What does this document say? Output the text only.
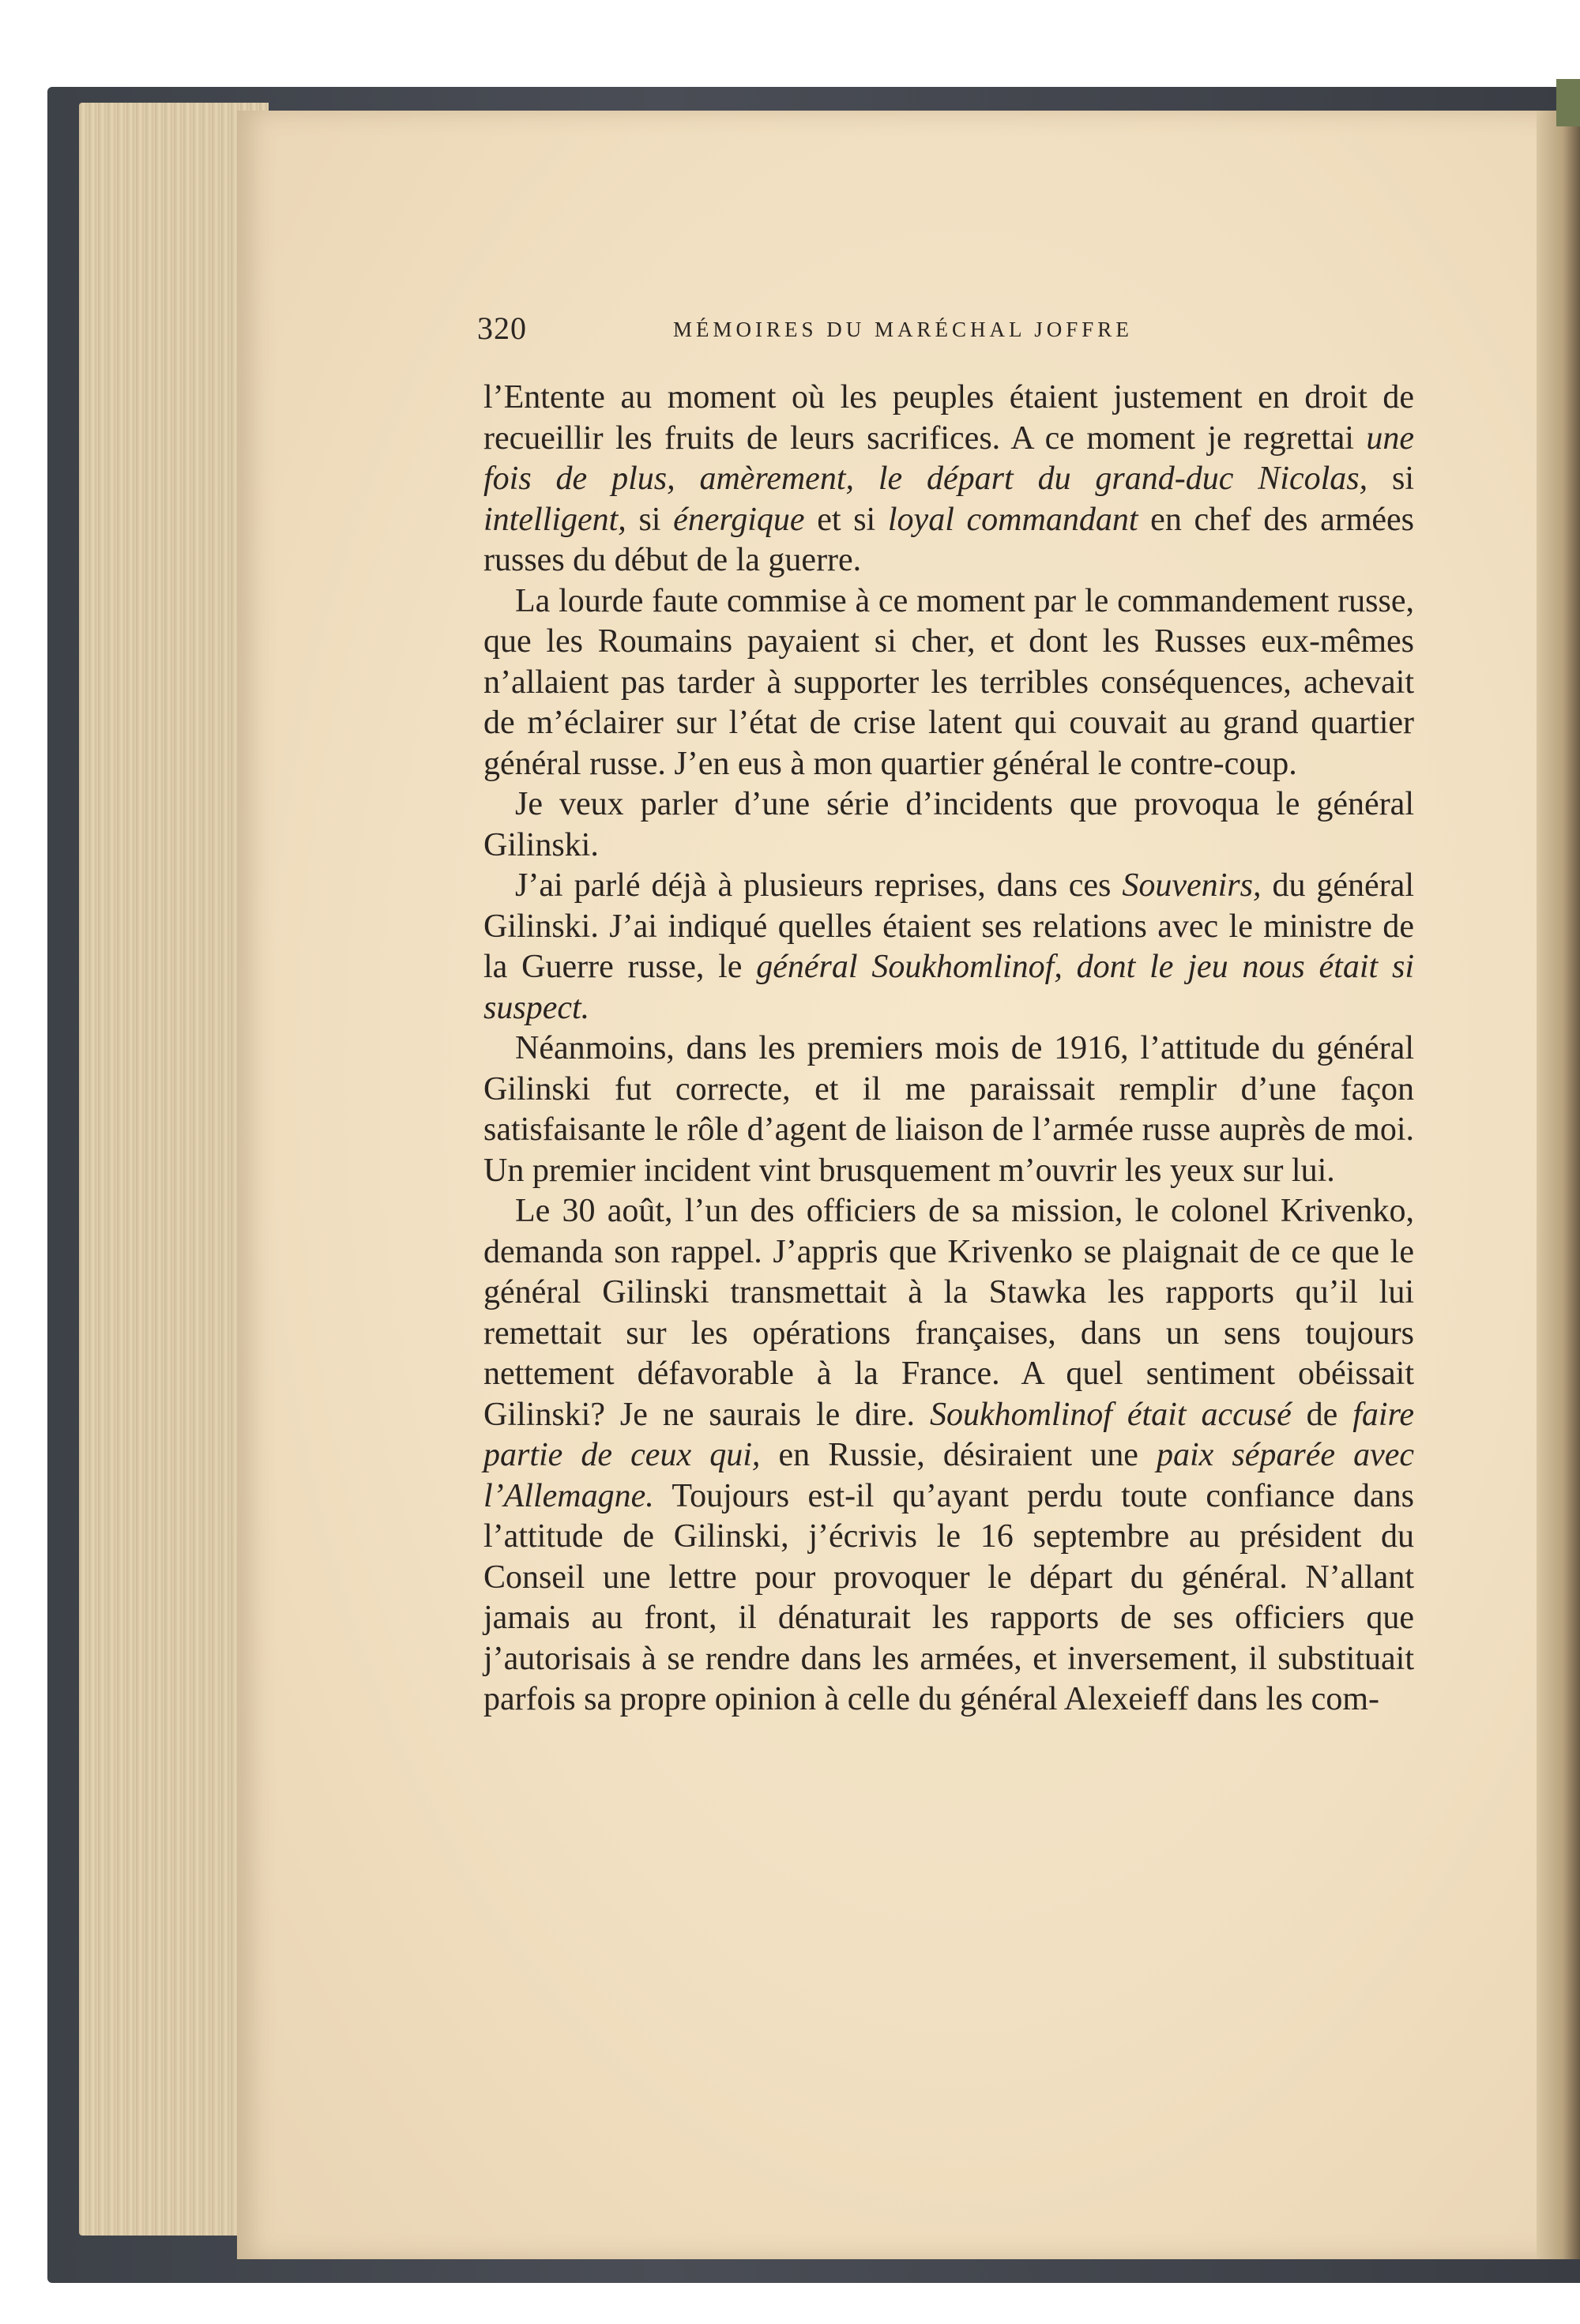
320	MÉMOIRES DU MARÉCHAL JOFFRE

l’Entente au moment où les peuples étaient justement en droit de recueillir les fruits de leurs sacrifices. A ce moment je regrettai une fois de plus, amèrement, le départ du grand-duc Nicolas, si intelligent, si énergique et si loyal commandant en chef des armées russes du début de la guerre.

La lourde faute commise à ce moment par le commandement russe, que les Roumains payaient si cher, et dont les Russes eux-mêmes n’allaient pas tarder à supporter les terribles conséquences, achevait de m’éclairer sur l’état de crise latent qui couvait au grand quartier général russe. J’en eus à mon quartier général le contre-coup.

Je veux parler d’une série d’incidents que provoqua le général Gilinski.

J’ai parlé déjà à plusieurs reprises, dans ces Souvenirs, du général Gilinski. J’ai indiqué quelles étaient ses relations avec le ministre de la Guerre russe, le général Soukhomlinof, dont le jeu nous était si suspect.

Néanmoins, dans les premiers mois de 1916, l’attitude du général Gilinski fut correcte, et il me paraissait remplir d’une façon satisfaisante le rôle d’agent de liaison de l’armée russe auprès de moi. Un premier incident vint brusquement m’ouvrir les yeux sur lui.

Le 30 août, l’un des officiers de sa mission, le colonel Krivenko, demanda son rappel. J’appris que Krivenko se plaignait de ce que le général Gilinski transmettait à la Stawka les rapports qu’il lui remettait sur les opérations françaises, dans un sens toujours nettement défavorable à la France. A quel sentiment obéissait Gilinski? Je ne saurais le dire. Soukhomlinof était accusé de faire partie de ceux qui, en Russie, désiraient une paix séparée avec l’Allemagne. Toujours est-il qu’ayant perdu toute confiance dans l’attitude de Gilinski, j’écrivis le 16 septembre au président du Conseil une lettre pour provoquer le départ du général. N’allant jamais au front, il dénaturait les rapports de ses officiers que j’autorisais à se rendre dans les armées, et inversement, il substituait parfois sa propre opinion à celle du général Alexeieff dans les com-
